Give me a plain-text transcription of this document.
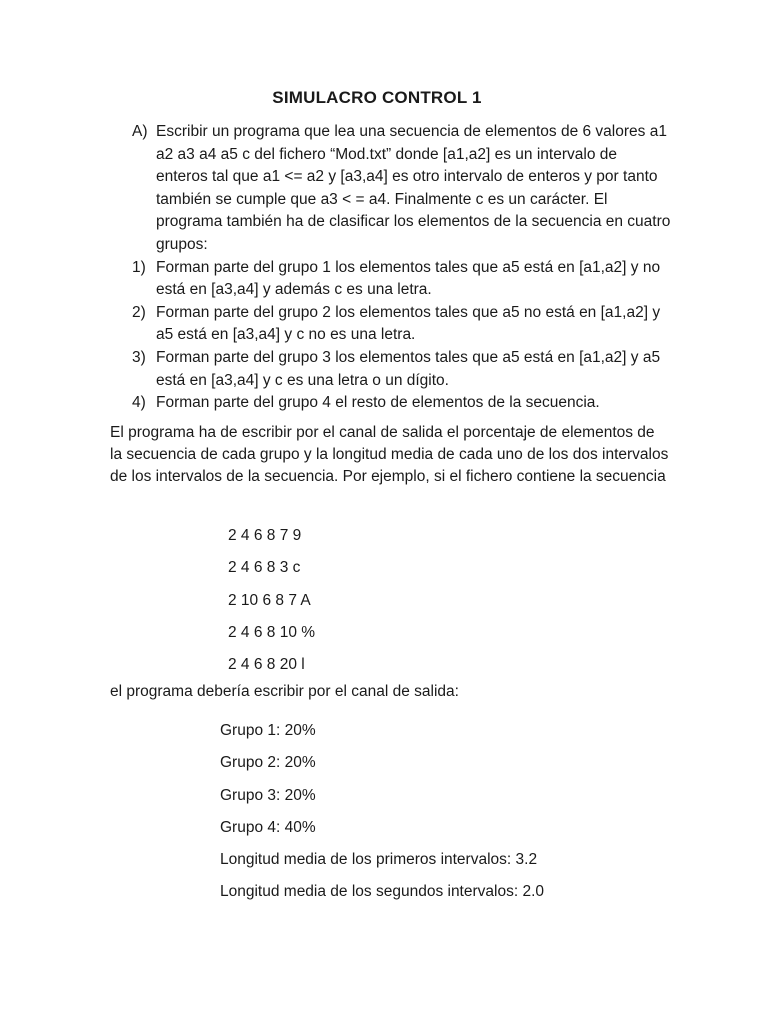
SIMULACRO CONTROL 1
A) Escribir un programa que lea una secuencia de elementos de 6 valores a1 a2 a3 a4 a5 c del fichero “Mod.txt” donde [a1,a2] es un intervalo de enteros tal que a1 <= a2 y [a3,a4] es otro intervalo de enteros y por tanto también se cumple que a3 < = a4. Finalmente c es un carácter. El programa también ha de clasificar los elementos de la secuencia en cuatro grupos:
1) Forman parte del grupo 1 los elementos tales que a5 está en [a1,a2] y no está en [a3,a4] y además c es una letra.
2) Forman parte del grupo 2 los elementos tales que a5 no está en [a1,a2] y a5 está en [a3,a4] y c no es una letra.
3) Forman parte del grupo 3 los elementos tales que a5 está en [a1,a2] y a5 está en [a3,a4] y c es una letra o un dígito.
4) Forman parte del grupo 4 el resto de elementos de la secuencia.
El programa ha de escribir por el canal de salida el porcentaje de elementos de la secuencia de cada grupo y la longitud media de cada uno de los dos intervalos de los intervalos de la secuencia. Por ejemplo, si el fichero contiene la secuencia
2 4 6 8 7 9
2 4 6 8 3 c
2 10 6 8 7 A
2 4 6 8 10 %
2 4 6 8 20 l
el programa debería escribir por el canal de salida:
Grupo 1: 20%
Grupo 2: 20%
Grupo 3: 20%
Grupo 4: 40%
Longitud media de los primeros intervalos: 3.2
Longitud media de los segundos intervalos: 2.0
